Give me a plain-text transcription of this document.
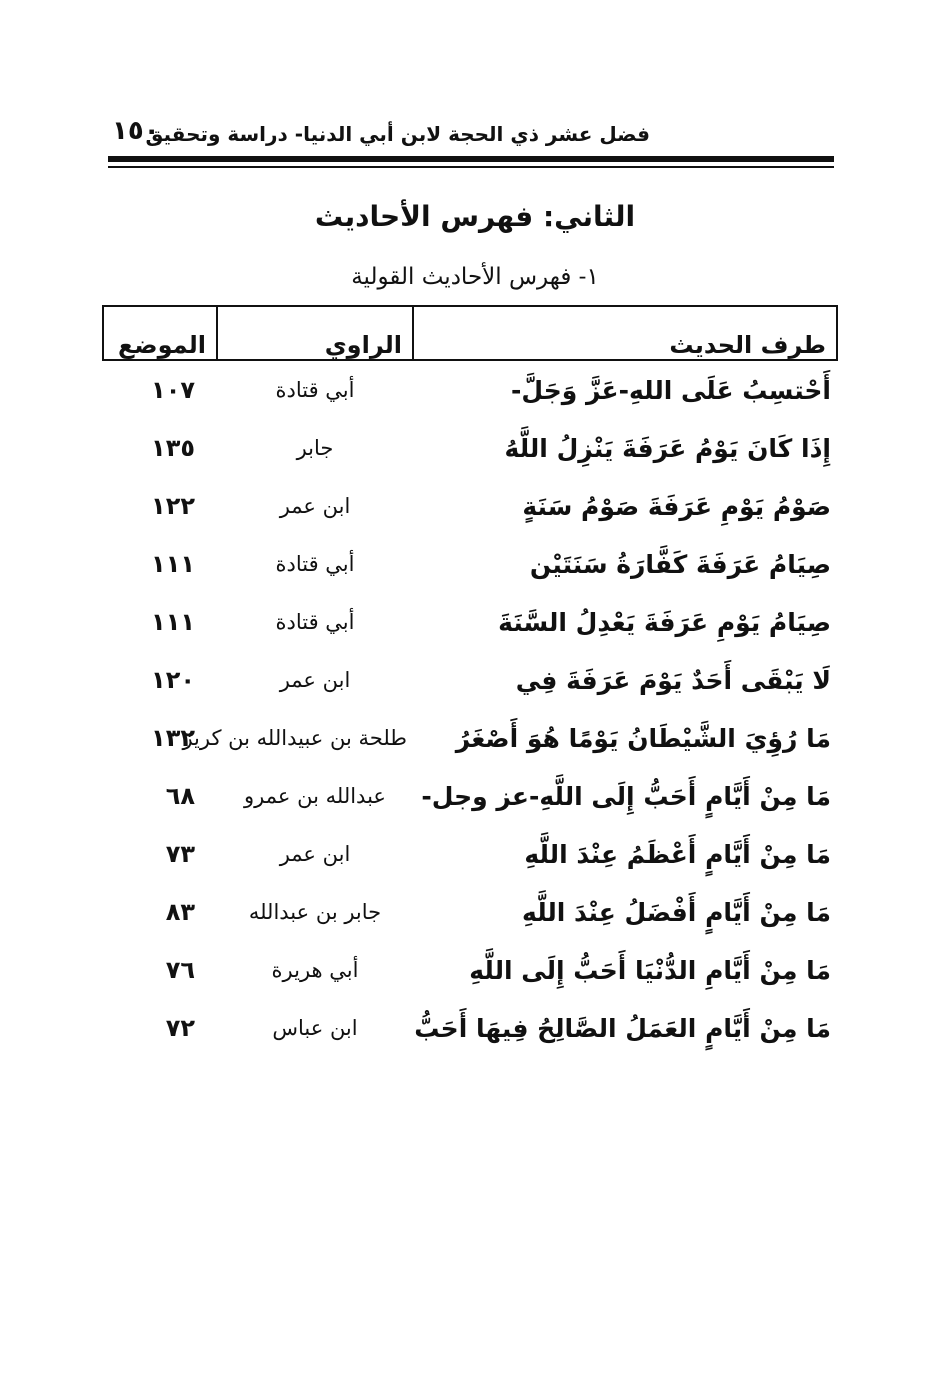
١٥٠
فضل عشر ذي الحجة لابن أبي الدنيا- دراسة وتحقيق
الثاني: فهرس الأحاديث
١- فهرس الأحاديث القولية
طرف الحديث	الراوي	الموضع
أَحْتسِبُ عَلَى اللهِ-عَزَّ وَجَلَّ-	أبي قتادة	١٠٧
إِذَا كَانَ يَوْمُ عَرَفَةَ يَنْزِلُ اللَّهُ	جابر	١٣٥
صَوْمُ يَوْمِ عَرَفَةَ صَوْمُ سَنَةٍ	ابن عمر	١٢٢
صِيَامُ عَرَفَةَ كَفَّارَةُ سَنَتَيْن	أبي قتادة	١١١
صِيَامُ يَوْمِ عَرَفَةَ يَعْدِلُ السَّنَةَ	أبي قتادة	١١١
لَا يَبْقَى أَحَدٌ يَوْمَ عَرَفَةَ فِي	ابن عمر	١٢٠
مَا رُؤِيَ الشَّيْطَانُ يَوْمًا هُوَ أَصْغَرُ	طلحة بن عبيدالله بن كريز	١٣٢
مَا مِنْ أَيَّامٍ أَحَبُّ إِلَى اللَّهِ-عز وجل-	عبدالله بن عمرو	٦٨
مَا مِنْ أَيَّامٍ أَعْظَمُ عِنْدَ اللَّهِ	ابن عمر	٧٣
مَا مِنْ أَيَّامٍ أَفْضَلُ عِنْدَ اللَّهِ	جابر بن عبدالله	٨٣
مَا مِنْ أَيَّامِ الدُّنْيَا أَحَبُّ إِلَى اللَّهِ	أبي هريرة	٧٦
مَا مِنْ أَيَّامٍ العَمَلُ الصَّالِحُ فِيهَا أَحَبُّ	ابن عباس	٧٢
